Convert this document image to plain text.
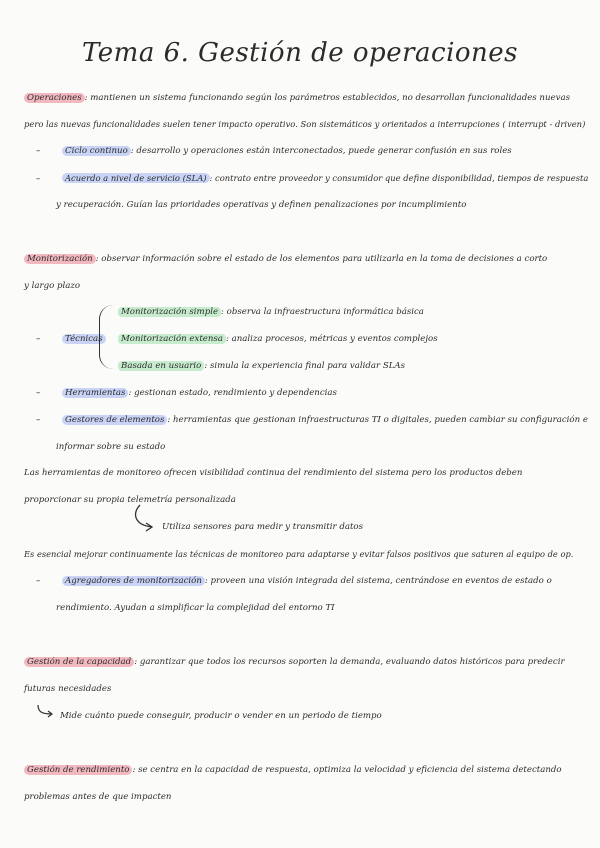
Tema 6. Gestión de operaciones
Operaciones : mantienen un sistema funcionando según los parámetros establecidos, no desarrollan funcionalidades nuevas
pero las nuevas funcionalidades suelen tener impacto operativo. Son sistemáticos y orientados a interrupciones ( interrupt - driven)
–	Ciclo continuo : desarrollo y operaciones están interconectados, puede generar confusión en sus roles
–	Acuerdo a nivel de servicio (SLA) : contrato entre proveedor y consumidor que define disponibilidad, tiempos de respuesta
y recuperación. Guían las prioridades operativas y definen penalizaciones por incumplimiento
Monitorización : observar información sobre el estado de los elementos para utilizarla en la toma de decisiones a corto
y largo plazo
–	Técnicas
Monitorización simple : observa la infraestructura informática básica
Monitorización extensa : analiza procesos, métricas y eventos complejos
Basada en usuario : simula la experiencia final para validar SLAs
–	Herramientas : gestionan estado, rendimiento y dependencias
–	Gestores de elementos : herramientas que gestionan infraestructuras TI o digitales, pueden cambiar su configuración e
informar sobre su estado
Las herramientas de monitoreo ofrecen visibilidad continua del rendimiento del sistema pero los productos deben
proporcionar su propia telemetría personalizada
Utiliza sensores para medir y transmitir datos
Es esencial mejorar continuamente las técnicas de monitoreo para adaptarse y evitar falsos positivos que saturen al equipo de op.
–	Agregadores de monitorización : proveen una visión integrada del sistema, centrándose en eventos de estado o
rendimiento. Ayudan a simplificar la complejidad del entorno TI
Gestión de la capacidad : garantizar que todos los recursos soporten la demanda, evaluando datos históricos para predecir
futuras necesidades
Mide cuánto puede conseguir, producir o vender en un periodo de tiempo
Gestión de rendimiento : se centra en la capacidad de respuesta, optimiza la velocidad y eficiencia del sistema detectando
problemas antes de que impacten
